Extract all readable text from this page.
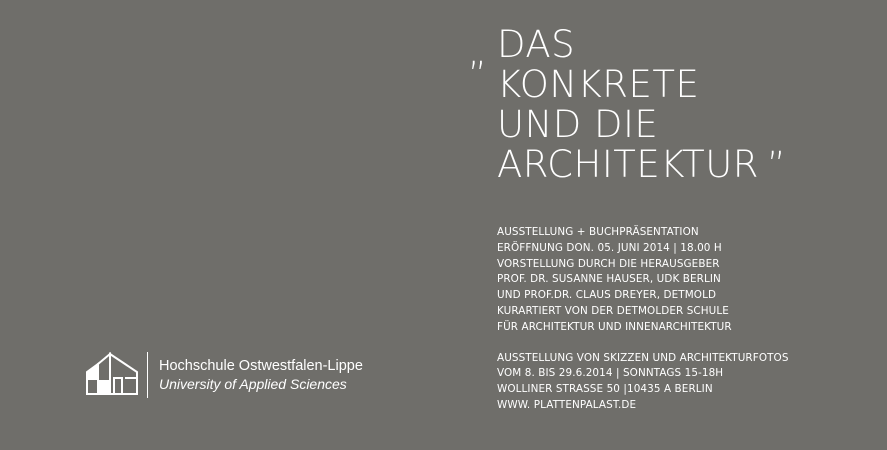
„ DAS
KONKRETE
UND DIE
ARCHITEKTUR ”
AUSSTELLUNG + BUCHPRÄSENTATION
ERÖFFNUNG DON. 05. JUNI 2014 | 18.00 H
VORSTELLUNG DURCH DIE HERAUSGEBER
PROF. DR. SUSANNE HAUSER, UDK BERLIN
UND PROF.DR. CLAUS DREYER, DETMOLD
KURARTIERT VON DER DETMOLDER SCHULE
FÜR ARCHITEKTUR UND INNENARCHITEKTUR
AUSSTELLUNG VON SKIZZEN UND ARCHITEKTURFOTOS
VOM 8. BIS 29.6.2014 | SONNTAGS 15-18H
WOLLINER STRASSE 50 |10435 A BERLIN
WWW. PLATTENPALAST.DE
Hochschule Ostwestfalen-Lippe
University of Applied Sciences
